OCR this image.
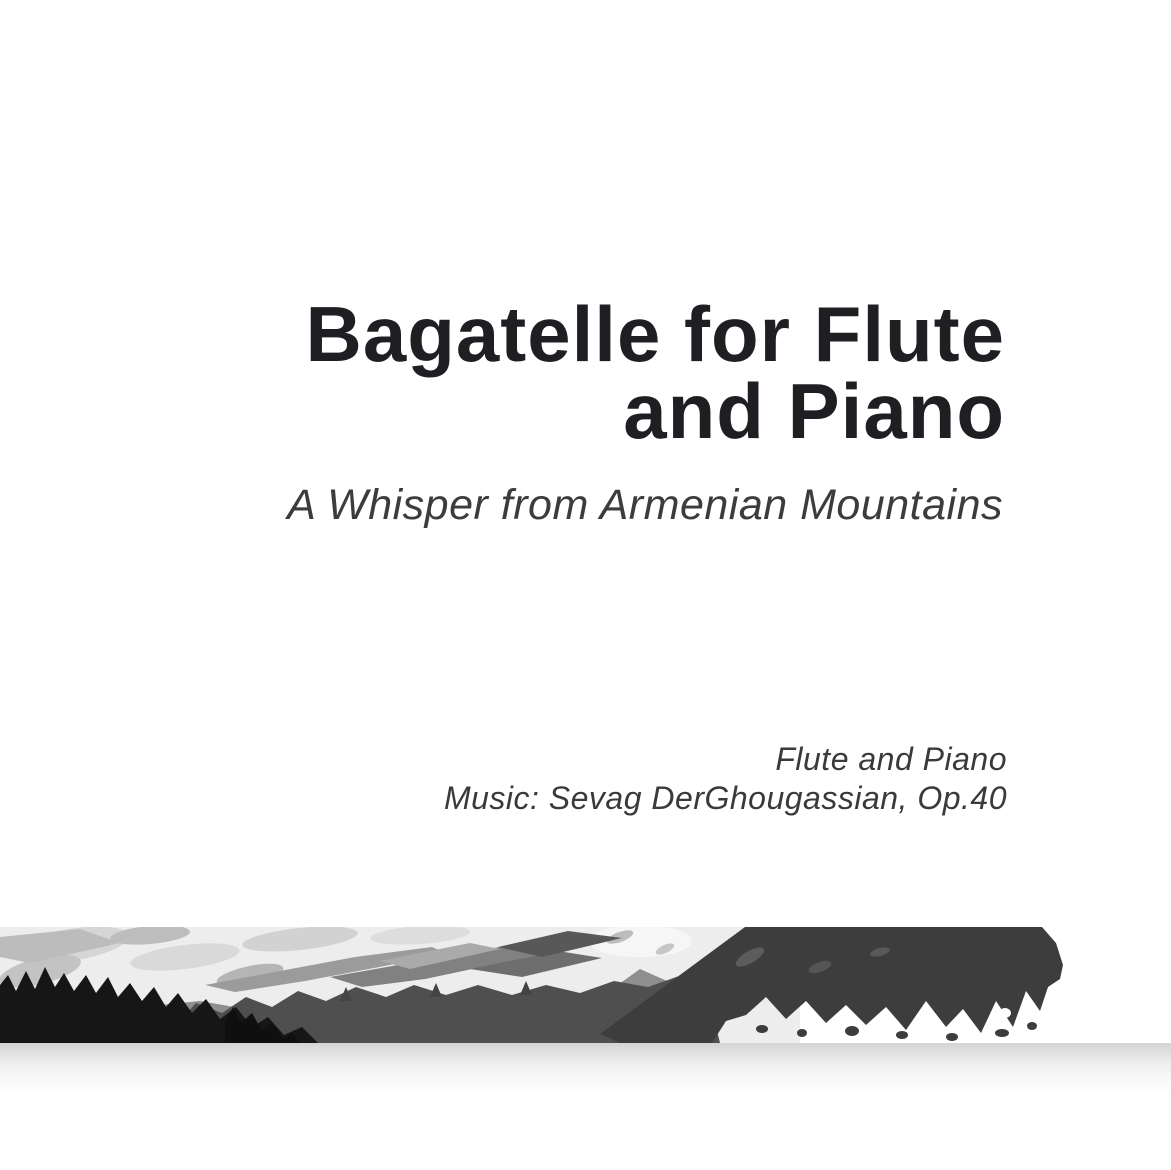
Bagatelle for Flute
and Piano
A Whisper from Armenian Mountains
Flute and Piano
Music: Sevag DerGhougassian, Op.40
